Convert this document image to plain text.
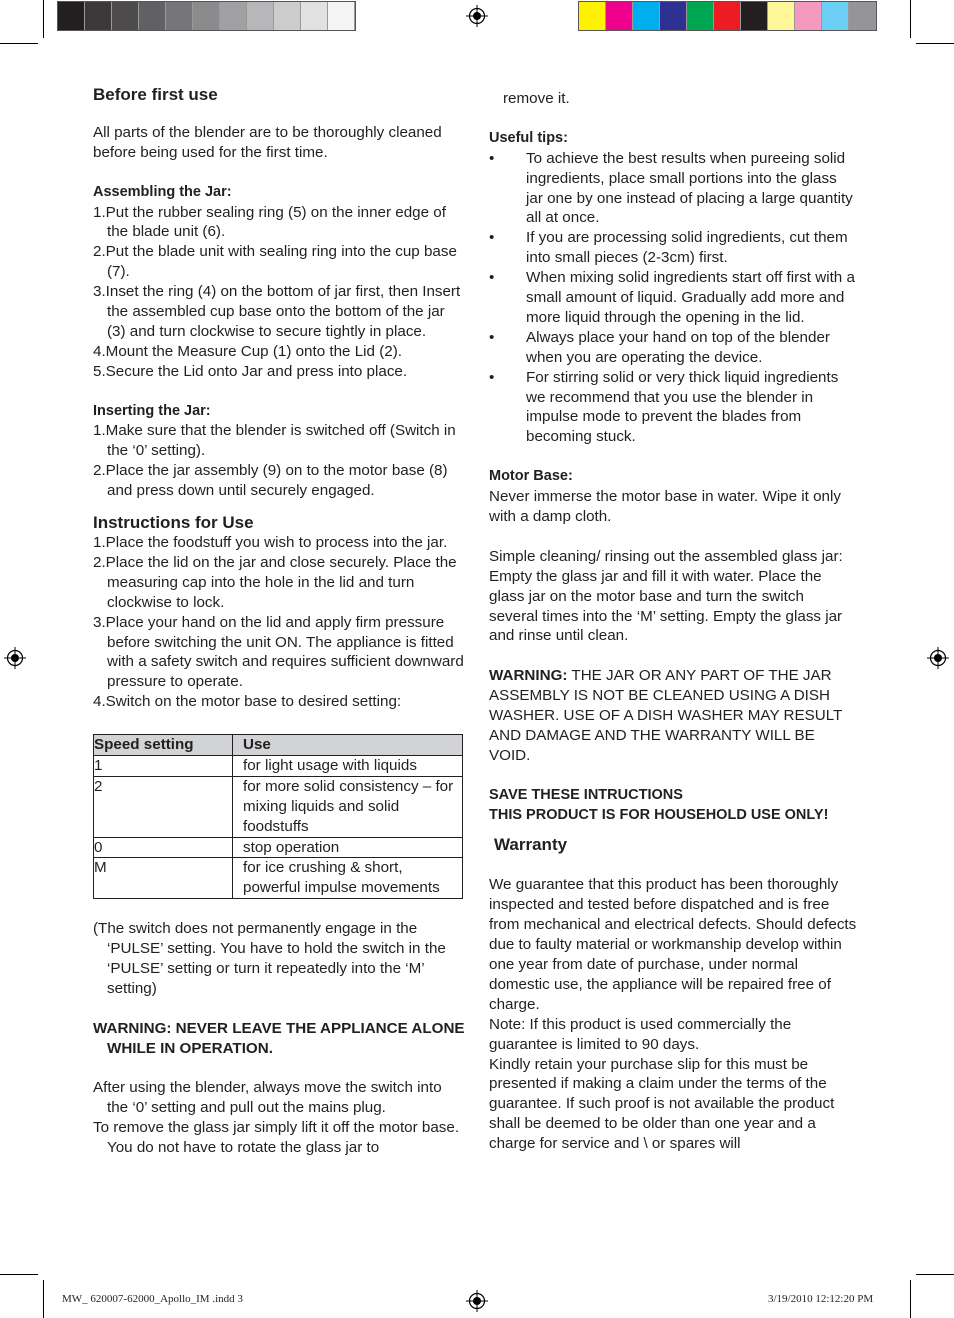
Before first use

All parts of the blender are to be thoroughly cleaned before being used for the first time.

Assembling the Jar:

1.Put the rubber sealing ring (5) on the inner edge of the blade unit (6).
2.Put the blade unit with sealing ring into the cup base (7).
3.Inset the ring (4) on the bottom of jar first, then Insert the assembled cup base onto the bottom of the jar (3) and turn clockwise to secure tightly in place.
4.Mount the Measure Cup (1) onto the Lid (2).
5.Secure the Lid onto Jar and press into place.

Inserting the Jar:

1.Make sure that the blender is switched off (Switch in the ‘0’ setting).
2.Place the jar assembly (9) on to the motor base (8) and press down until securely engaged.

Instructions for Use

1.Place the foodstuff you wish to process into the jar.
2.Place the lid on the jar and close securely. Place the measuring cap into the hole in the lid and turn clockwise to lock.
3.Place your hand on the lid and apply firm pressure before switching the unit ON. The appliance is fitted with a safety switch and requires sufficient downward pressure to operate.
4.Switch on the motor base to desired setting:
Speed setting	Use
1	for light usage with liquids
2	for more solid consistency – for mixing liquids and solid foodstuffs
0	stop operation
M	for ice crushing & short, powerful impulse movements

(The switch does not permanently engage in the ‘PULSE’ setting. You have to hold the switch in the ‘PULSE’ setting or turn it repeatedly into the ‘M’ setting)

WARNING: NEVER LEAVE THE APPLIANCE ALONE WHILE IN OPERATION.

After using the blender, always move the switch into the ‘0’ setting and pull out the mains plug.

To remove the glass jar simply lift it off the motor base. You do not have to rotate the glass jar to

remove it.

Useful tips:

• To achieve the best results when pureeing solid ingredients, place small portions into the glass jar one by one instead of placing a large quantity all at once.
• If you are processing solid ingredients, cut them into small pieces (2-3cm) first.
• When mixing solid ingredients start off first with a small amount of liquid. Gradually add more and more liquid through the opening in the lid.
• Always place your hand on top of the blender when you are operating the device.
• For stirring solid or very thick liquid ingredients we recommend that you use the blender in impulse mode to prevent the blades from becoming stuck.

Motor Base:

Never immerse the motor base in water. Wipe it only with a damp cloth.

Simple cleaning/ rinsing out the assembled glass jar:

Empty the glass jar and fill it with water. Place the glass jar on the motor base and turn the switch several times into the ‘M’ setting. Empty the glass jar and rinse until clean.

WARNING: THE JAR OR ANY PART OF THE JAR ASSEMBLY IS NOT BE CLEANED USING A DISH WASHER. USE OF A DISH WASHER MAY RESULT AND DAMAGE AND THE WARRANTY WILL BE VOID.

SAVE THESE INTRUCTIONS

THIS PRODUCT IS FOR HOUSEHOLD USE ONLY!

Warranty

We guarantee that this product has been thoroughly inspected and tested before dispatched and is free from mechanical and electrical defects. Should defects due to faulty material or workmanship develop within one year from date of purchase, under normal domestic use, the appliance will be repaired free of charge.

Note: If this product is used commercially the guarantee is limited to 90 days.

Kindly retain your purchase slip for this must be presented if making a claim under the terms of the guarantee. If such proof is not available the product shall be deemed to be older than one year and a charge for service and \ or spares will

MW_ 620007-62000_Apollo_IM .indd 3	3/19/2010 12:12:20 PM
